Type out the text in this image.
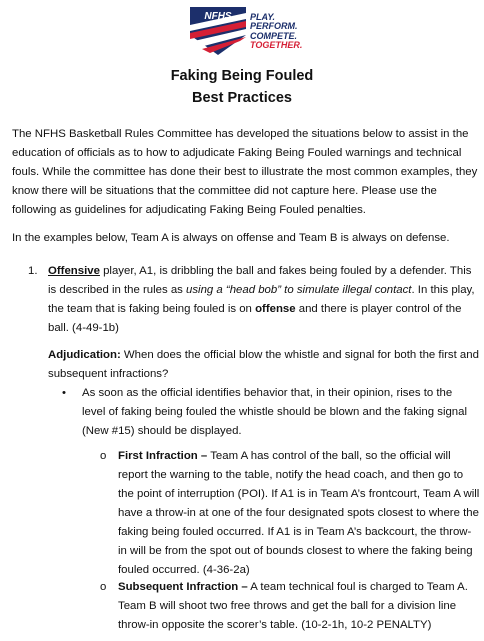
NFHS PLAY.
PERFORM.
COMPETE.
TOGETHER.
Faking Being Fouled
Best Practices
The NFHS Basketball Rules Committee has developed the situations below to assist in the education of officials as to how to adjudicate Faking Being Fouled warnings and technical fouls. While the committee has done their best to illustrate the most common examples, they know there will be situations that the committee did not capture here. Please use the following as guidelines for adjudicating Faking Being Fouled penalties.
In the examples below, Team A is always on offense and Team B is always on defense.
1. Offensive player, A1, is dribbling the ball and fakes being fouled by a defender. This is described in the rules as using a “head bob” to simulate illegal contact. In this play, the team that is faking being fouled is on offense and there is player control of the ball. (4-49-1b)
Adjudication: When does the official blow the whistle and signal for both the first and subsequent infractions?
• As soon as the official identifies behavior that, in their opinion, rises to the level of faking being fouled the whistle should be blown and the faking signal (New #15) should be displayed.
o First Infraction – Team A has control of the ball, so the official will report the warning to the table, notify the head coach, and then go to the point of interruption (POI). If A1 is in Team A’s frontcourt, Team A will have a throw-in at one of the four designated spots closest to where the faking being fouled occurred. If A1 is in Team A’s backcourt, the throw-in will be from the spot out of bounds closest to where the faking being fouled occurred. (4-36-2a)
o Subsequent Infraction – A team technical foul is charged to Team A. Team B will shoot two free throws and get the ball for a division line throw-in opposite the scorer’s table. (10-2-1h, 10-2 PENALTY)
